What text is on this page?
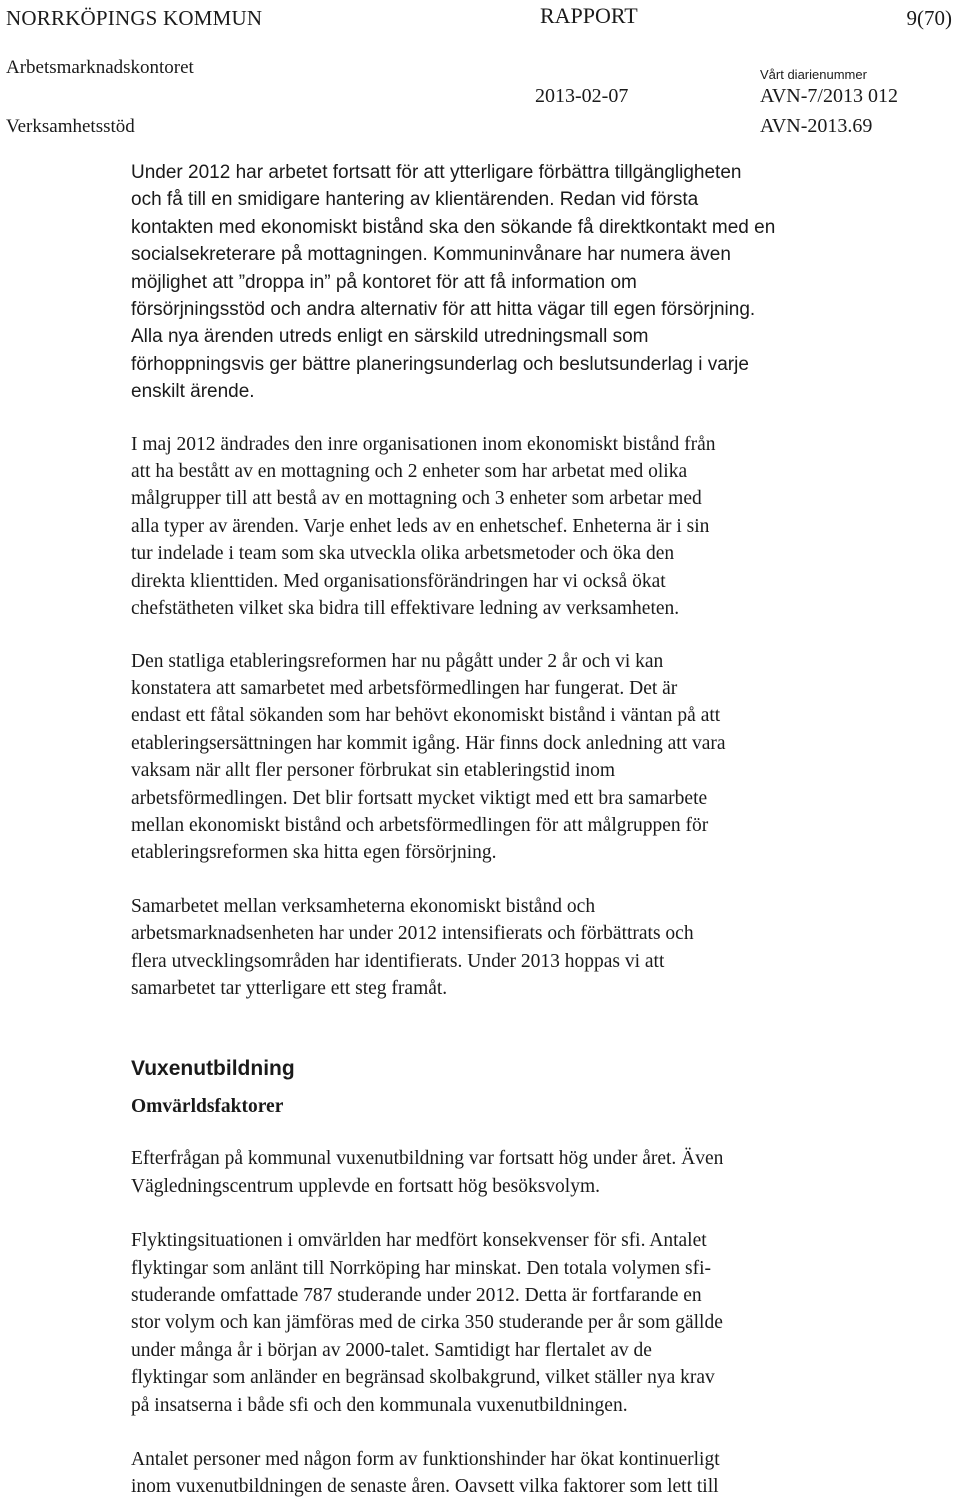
NORRKÖPINGS KOMMUN	RAPPORT	9(70)
Arbetsmarknadskontoret	Vårt diarienummer
2013-02-07	AVN-7/2013 012
Verksamhetsstöd	AVN-2013.69

Under 2012 har arbetet fortsatt för att ytterligare förbättra tillgängligheten
och få till en smidigare hantering av klientärenden. Redan vid första
kontakten med ekonomiskt bistånd ska den sökande få direktkontakt med en
socialsekreterare på mottagningen. Kommuninvånare har numera även
möjlighet att ”droppa in” på kontoret för att få information om
försörjningsstöd och andra alternativ för att hitta vägar till egen försörjning.
Alla nya ärenden utreds enligt en särskild utredningsmall som
förhoppningsvis ger bättre planeringsunderlag och beslutsunderlag i varje
enskilt ärende.

I maj 2012 ändrades den inre organisationen inom ekonomiskt bistånd från
att ha bestått av en mottagning och 2 enheter som har arbetat med olika
målgrupper till att bestå av en mottagning och 3 enheter som arbetar med
alla typer av ärenden. Varje enhet leds av en enhetschef. Enheterna är i sin
tur indelade i team som ska utveckla olika arbetsmetoder och öka den
direkta klienttiden. Med organisationsförändringen har vi också ökat
chefstätheten vilket ska bidra till effektivare ledning av verksamheten.

Den statliga etableringsreformen har nu pågått under 2 år och vi kan
konstatera att samarbetet med arbetsförmedlingen har fungerat. Det är
endast ett fåtal sökanden som har behövt ekonomiskt bistånd i väntan på att
etableringsersättningen har kommit igång. Här finns dock anledning att vara
vaksam när allt fler personer förbrukat sin etableringstid inom
arbetsförmedlingen. Det blir fortsatt mycket viktigt med ett bra samarbete
mellan ekonomiskt bistånd och arbetsförmedlingen för att målgruppen för
etableringsreformen ska hitta egen försörjning.

Samarbetet mellan verksamheterna ekonomiskt bistånd och
arbetsmarknadsenheten har under 2012 intensifierats och förbättrats och
flera utvecklingsområden har identifierats. Under 2013 hoppas vi att
samarbetet tar ytterligare ett steg framåt.

Vuxenutbildning
Omvärldsfaktorer

Efterfrågan på kommunal vuxenutbildning var fortsatt hög under året. Även
Vägledningscentrum upplevde en fortsatt hög besöksvolym.

Flyktingsituationen i omvärlden har medfört konsekvenser för sfi. Antalet
flyktingar som anlänt till Norrköping har minskat. Den totala volymen sfi-
studerande omfattade 787 studerande under 2012. Detta är fortfarande en
stor volym och kan jämföras med de cirka 350 studerande per år som gällde
under många år i början av 2000-talet. Samtidigt har flertalet av de
flyktingar som anländer en begränsad skolbakgrund, vilket ställer nya krav
på insatserna i både sfi och den kommunala vuxenutbildningen.

Antalet personer med någon form av funktionshinder har ökat kontinuerligt
inom vuxenutbildningen de senaste åren. Oavsett vilka faktorer som lett till
